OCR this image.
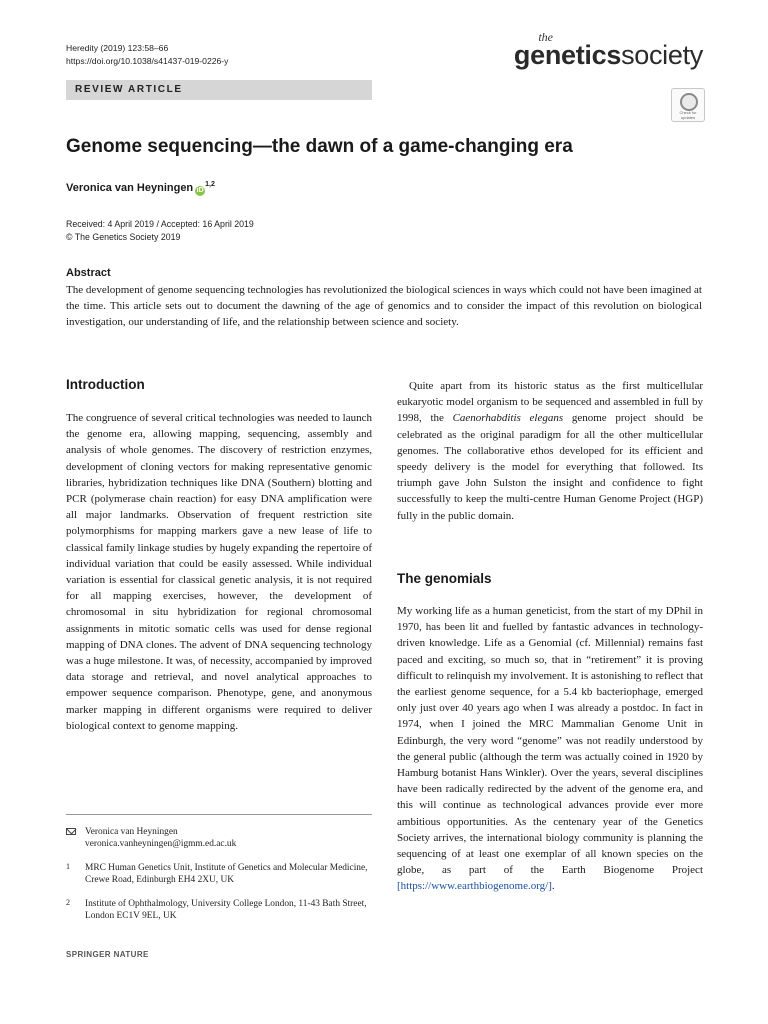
Heredity (2019) 123:58–66
https://doi.org/10.1038/s41437-019-0226-y
the
geneticssociety
REVIEW ARTICLE
Check for updates
Genome sequencing—the dawn of a game-changing era
Veronica van Heyningen iD$^{1,2}$
Received: 4 April 2019 / Accepted: 16 April 2019
© The Genetics Society 2019
Abstract
The development of genome sequencing technologies has revolutionized the biological sciences in ways which could not have been imagined at the time. This article sets out to document the dawning of the age of genomics and to consider the impact of this revolution on biological investigation, our understanding of life, and the relationship between science and society.
Introduction
The congruence of several critical technologies was needed to launch the genome era, allowing mapping, sequencing, assembly and analysis of whole genomes. The discovery of restriction enzymes, development of cloning vectors for making representative genomic libraries, hybridization techniques like DNA (Southern) blotting and PCR (polymerase chain reaction) for easy DNA amplification were all major landmarks. Observation of frequent restriction site polymorphisms for mapping markers gave a new lease of life to classical family linkage studies by hugely expanding the repertoire of individual variation that could be easily assessed. While individual variation is essential for classical genetic analysis, it is not required for all mapping exercises, however, the development of chromosomal in situ hybridization for regional chromosomal assignments in mitotic somatic cells was used for dense regional mapping of DNA clones. The advent of DNA sequencing technology was a huge milestone. It was, of necessity, accompanied by improved data storage and retrieval, and novel analytical approaches to empower sequence comparison. Phenotype, gene, and anonymous marker mapping in different organisms were required to deliver biological context to genome mapping.
Quite apart from its historic status as the first multicellular eukaryotic model organism to be sequenced and assembled in full by 1998, the Caenorhabditis elegans genome project should be celebrated as the original paradigm for all the other multicellular genomes. The collaborative ethos developed for its efficient and speedy delivery is the model for everything that followed. Its triumph gave John Sulston the insight and confidence to fight successfully to keep the multi-centre Human Genome Project (HGP) fully in the public domain.
The genomials
My working life as a human geneticist, from the start of my DPhil in 1970, has been lit and fuelled by fantastic advances in technology-driven knowledge. Life as a Genomial (cf. Millennial) remains fast paced and exciting, so much so, that in “retirement” it is proving difficult to relinquish my involvement. It is astonishing to reflect that the earliest genome sequence, for a 5.4 kb bacteriophage, emerged only just over 40 years ago when I was already a postdoc. In fact in 1974, when I joined the MRC Mammalian Genome Unit in Edinburgh, the very word “genome” was not readily understood by the general public (although the term was actually coined in 1920 by Hamburg botanist Hans Winkler). Over the years, several disciplines have been radically redirected by the advent of the genome era, and this will continue as technological advances provide ever more ambitious opportunities. As the centenary year of the Genetics Society arrives, the international biology community is planning the sequencing of at least one exemplar of all known species on the globe, as part of the Earth Biogenome Project [https://www.earthbiogenome.org/].
Veronica van Heyningen
veronica.vanheyningen@igmm.ed.ac.uk
1 MRC Human Genetics Unit, Institute of Genetics and Molecular Medicine, Crewe Road, Edinburgh EH4 2XU, UK
2 Institute of Ophthalmology, University College London, 11-43 Bath Street, London EC1V 9EL, UK
SPRINGER NATURE
